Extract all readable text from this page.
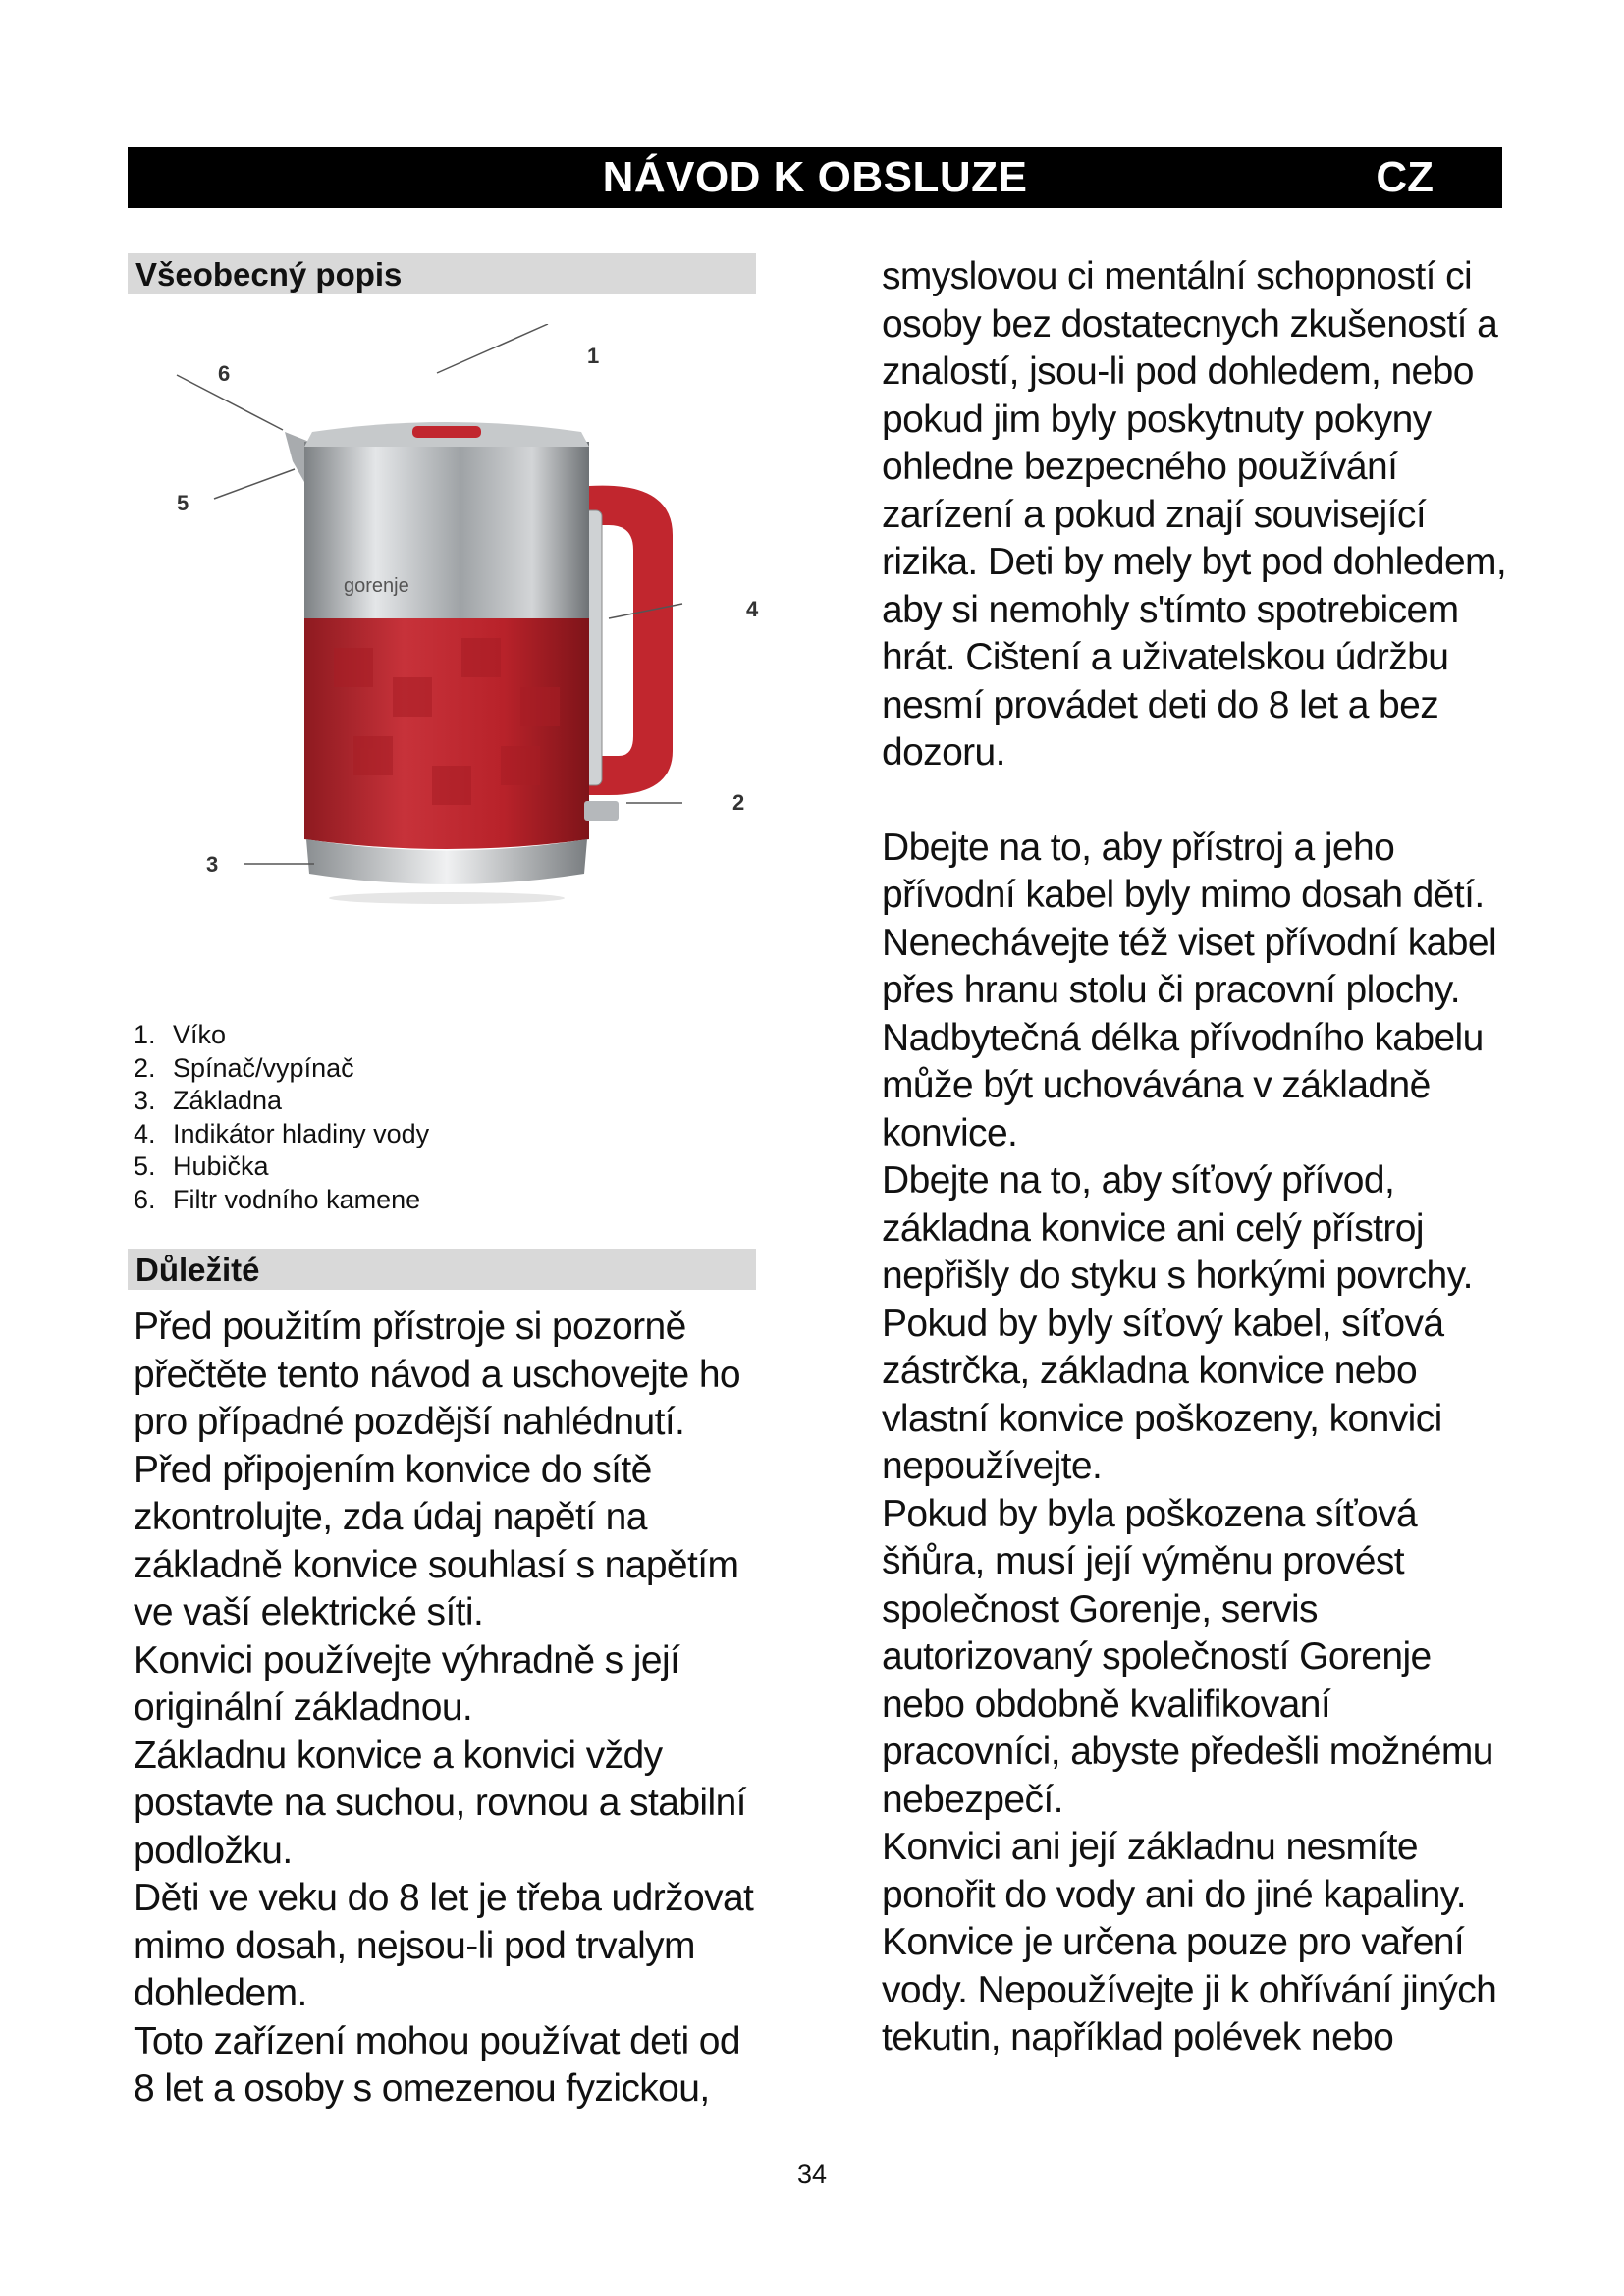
NÁVOD K OBSLUZE	CZ
Všeobecný popis
gorenje
6
1
5
4
2
3
1. Víko
2. Spínač/vypínač
3. Základna
4. Indikátor hladiny vody
5. Hubička
6. Filtr vodního kamene
Důležité

Před použitím přístroje si pozorně přečtěte tento návod a uschovejte ho pro případné pozdější nahlédnutí.

Před připojením konvice do sítě zkontrolujte, zda údaj napětí na základně konvice souhlasí s napětím ve vaší elektrické síti.

Konvici používejte výhradně s její originální základnou.

Základnu konvice a konvici vždy postavte na suchou, rovnou a stabilní podložku.

Děti ve veku do 8 let je třeba udržovat mimo dosah, nejsou-li pod trvalym dohledem.

Toto zařízení mohou používat deti od 8 let a osoby s omezenou fyzickou,

smyslovou ci mentální schopností ci osoby bez dostatecnych zkušeností a znalostí, jsou-li pod dohledem, nebo pokud jim byly poskytnuty pokyny ohledne bezpecného používání zarízení a pokud znají související rizika. Deti by mely byt pod dohledem, aby si nemohly s'tímto spotrebicem hrát. Cištení a uživatelskou údržbu nesmí provádet deti do 8 let a bez dozoru.

Dbejte na to, aby přístroj a jeho přívodní kabel byly mimo dosah dětí. Nenechávejte též viset přívodní kabel přes hranu stolu či pracovní plochy. Nadbytečná délka přívodního kabelu může být uchovávána v základně konvice.

Dbejte na to, aby síťový přívod, základna konvice ani celý přístroj nepřišly do styku s horkými povrchy.

Pokud by byly síťový kabel, síťová zástrčka, základna konvice nebo vlastní konvice poškozeny, konvici nepoužívejte.

Pokud by byla poškozena síťová šňůra, musí její výměnu provést společnost Gorenje, servis autorizovaný společností Gorenje nebo obdobně kvalifikovaní pracovníci, abyste předešli možnému nebezpečí.

Konvici ani její základnu nesmíte ponořit do vody ani do jiné kapaliny.

Konvice je určena pouze pro vaření vody. Nepoužívejte ji k ohřívání jiných tekutin, například polévek nebo

34
